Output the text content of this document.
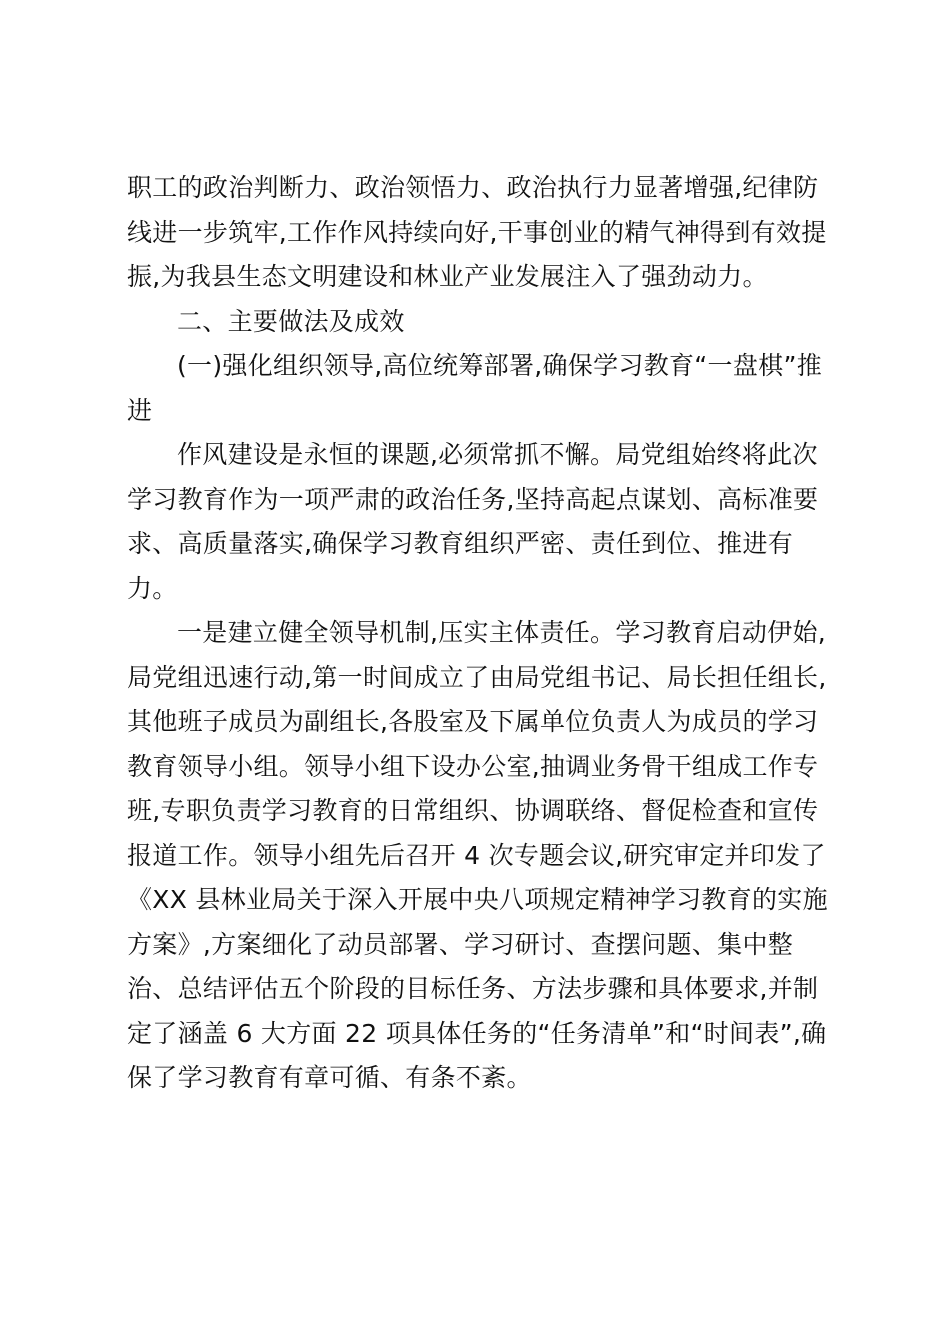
职工的政治判断力、政治领悟力、政治执行力显著增强,纪律防
线进一步筑牢,工作作风持续向好,干事创业的精气神得到有效提
振,为我县生态文明建设和林业产业发展注入了强劲动力。
二、主要做法及成效
(一)强化组织领导,高位统筹部署,确保学习教育“一盘棋”推
进
作风建设是永恒的课题,必须常抓不懈。局党组始终将此次
学习教育作为一项严肃的政治任务,坚持高起点谋划、高标准要
求、高质量落实,确保学习教育组织严密、责任到位、推进有
力。
一是建立健全领导机制,压实主体责任。学习教育启动伊始,
局党组迅速行动,第一时间成立了由局党组书记、局长担任组长,
其他班子成员为副组长,各股室及下属单位负责人为成员的学习
教育领导小组。领导小组下设办公室,抽调业务骨干组成工作专
班,专职负责学习教育的日常组织、协调联络、督促检查和宣传
报道工作。领导小组先后召开 4 次专题会议,研究审定并印发了
《XX 县林业局关于深入开展中央八项规定精神学习教育的实施
方案》,方案细化了动员部署、学习研讨、查摆问题、集中整
治、总结评估五个阶段的目标任务、方法步骤和具体要求,并制
定了涵盖 6 大方面 22 项具体任务的“任务清单”和“时间表”,确
保了学习教育有章可循、有条不紊。
